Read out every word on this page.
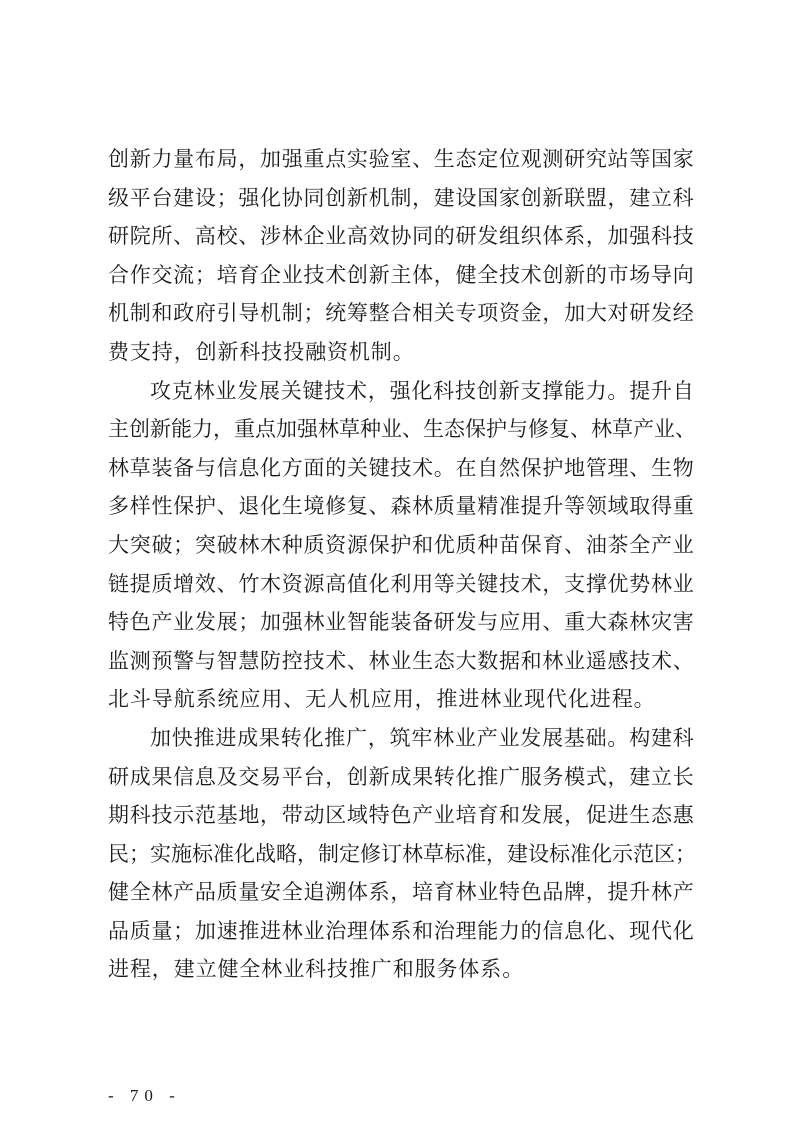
创 新 力 量 布 局 ， 加 强 重 点 实 验 室 、 生 态 定 位 观 测 研 究 站 等 国 家
级 平 台 建 设 ； 强 化 协 同 创 新 机 制 ， 建 设 国 家 创 新 联 盟 ， 建 立 科
研 院 所 、 高 校 、 涉 林 企 业 高 效 协 同 的 研 发 组 织 体 系 ， 加 强 科 技
合 作 交 流 ； 培 育 企 业 技 术 创 新 主 体 ， 健 全 技 术 创 新 的 市 场 导 向
机 制 和 政 府 引 导 机 制 ； 统 筹 整 合 相 关 专 项 资 金 ， 加 大 对 研 发 经
费支持，创新科技投融资机制。
攻 克 林 业 发 展 关 键 技 术 ， 强 化 科 技 创 新 支 撑 能 力 。 提 升 自
主 创 新 能 力 ， 重 点 加 强 林 草 种 业 、 生 态 保 护 与 修 复 、 林 草 产 业 、
林 草 装 备 与 信 息 化 方 面 的 关 键 技 术 。 在 自 然 保 护 地 管 理 、 生 物
多 样 性 保 护 、 退 化 生 境 修 复 、 森 林 质 量 精 准 提 升 等 领 域 取 得 重
大 突 破 ； 突 破 林 木 种 质 资 源 保 护 和 优 质 种 苗 保 育 、 油 茶 全 产 业
链 提 质 增 效 、 竹 木 资 源 高 值 化 利 用 等 关 键 技 术 ， 支 撑 优 势 林 业
特 色 产 业 发 展 ； 加 强 林 业 智 能 装 备 研 发 与 应 用 、 重 大 森 林 灾 害
监 测 预 警 与 智 慧 防 控 技 术 、 林 业 生 态 大 数 据 和 林 业 遥 感 技 术 、
北斗导航系统应用、无人机应用，推进林业现代化进程。
加 快 推 进 成 果 转 化 推 广 ， 筑 牢 林 业 产 业 发 展 基 础 。 构 建 科
研 成 果 信 息 及 交 易 平 台 ， 创 新 成 果 转 化 推 广 服 务 模 式 ， 建 立 长
期 科 技 示 范 基 地 ， 带 动 区 域 特 色 产 业 培 育 和 发 展 ， 促 进 生 态 惠
民 ； 实 施 标 准 化 战 略 ， 制 定 修 订 林 草 标 准 ， 建 设 标 准 化 示 范 区 ；
健 全 林 产 品 质 量 安 全 追 溯 体 系 ， 培 育 林 业 特 色 品 牌 ， 提 升 林 产
品 质 量 ； 加 速 推 进 林 业 治 理 体 系 和 治 理 能 力 的 信 息 化 、 现 代 化
进程，建立健全林业科技推广和服务体系。
- 70 -
